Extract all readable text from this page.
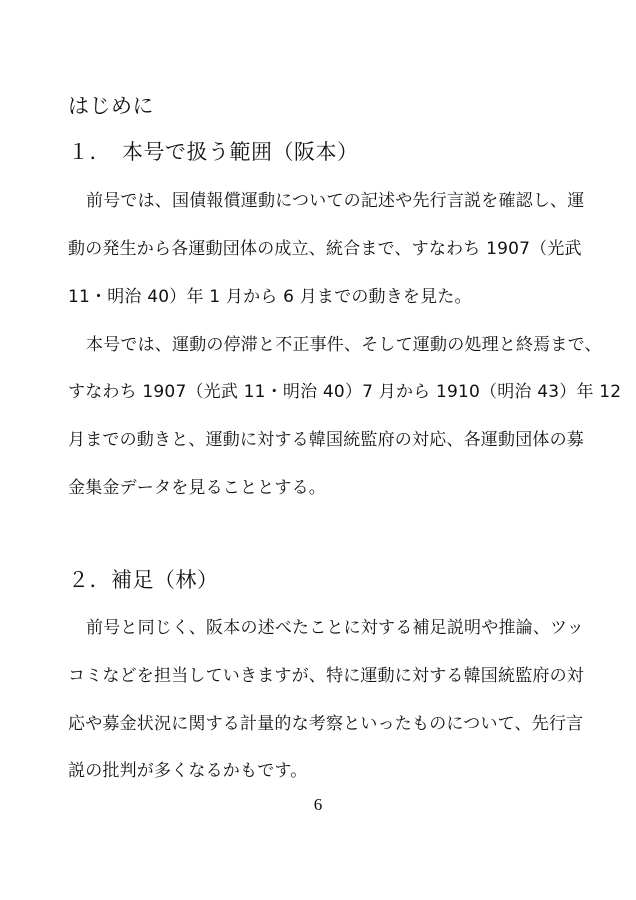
はじめに
１．　本号で扱う範囲（阪本）

前号では、国債報償運動についての記述や先行言説を確認し、運

動の発生から各運動団体の成立、統合まで、すなわち 1907（光武

11・明治 40）年 1 月から 6 月までの動きを見た。

本号では、運動の停滞と不正事件、そして運動の処理と終焉まで、

すなわち 1907（光武 11・明治 40）7 月から 1910（明治 43）年 12

月までの動きと、運動に対する韓国統監府の対応、各運動団体の募

金集金データを見ることとする。

２．補足（林）

前号と同じく、阪本の述べたことに対する補足説明や推論、ツッ

コミなどを担当していきますが、特に運動に対する韓国統監府の対

応や募金状況に関する計量的な考察といったものについて、先行言

説の批判が多くなるかもです。

6
